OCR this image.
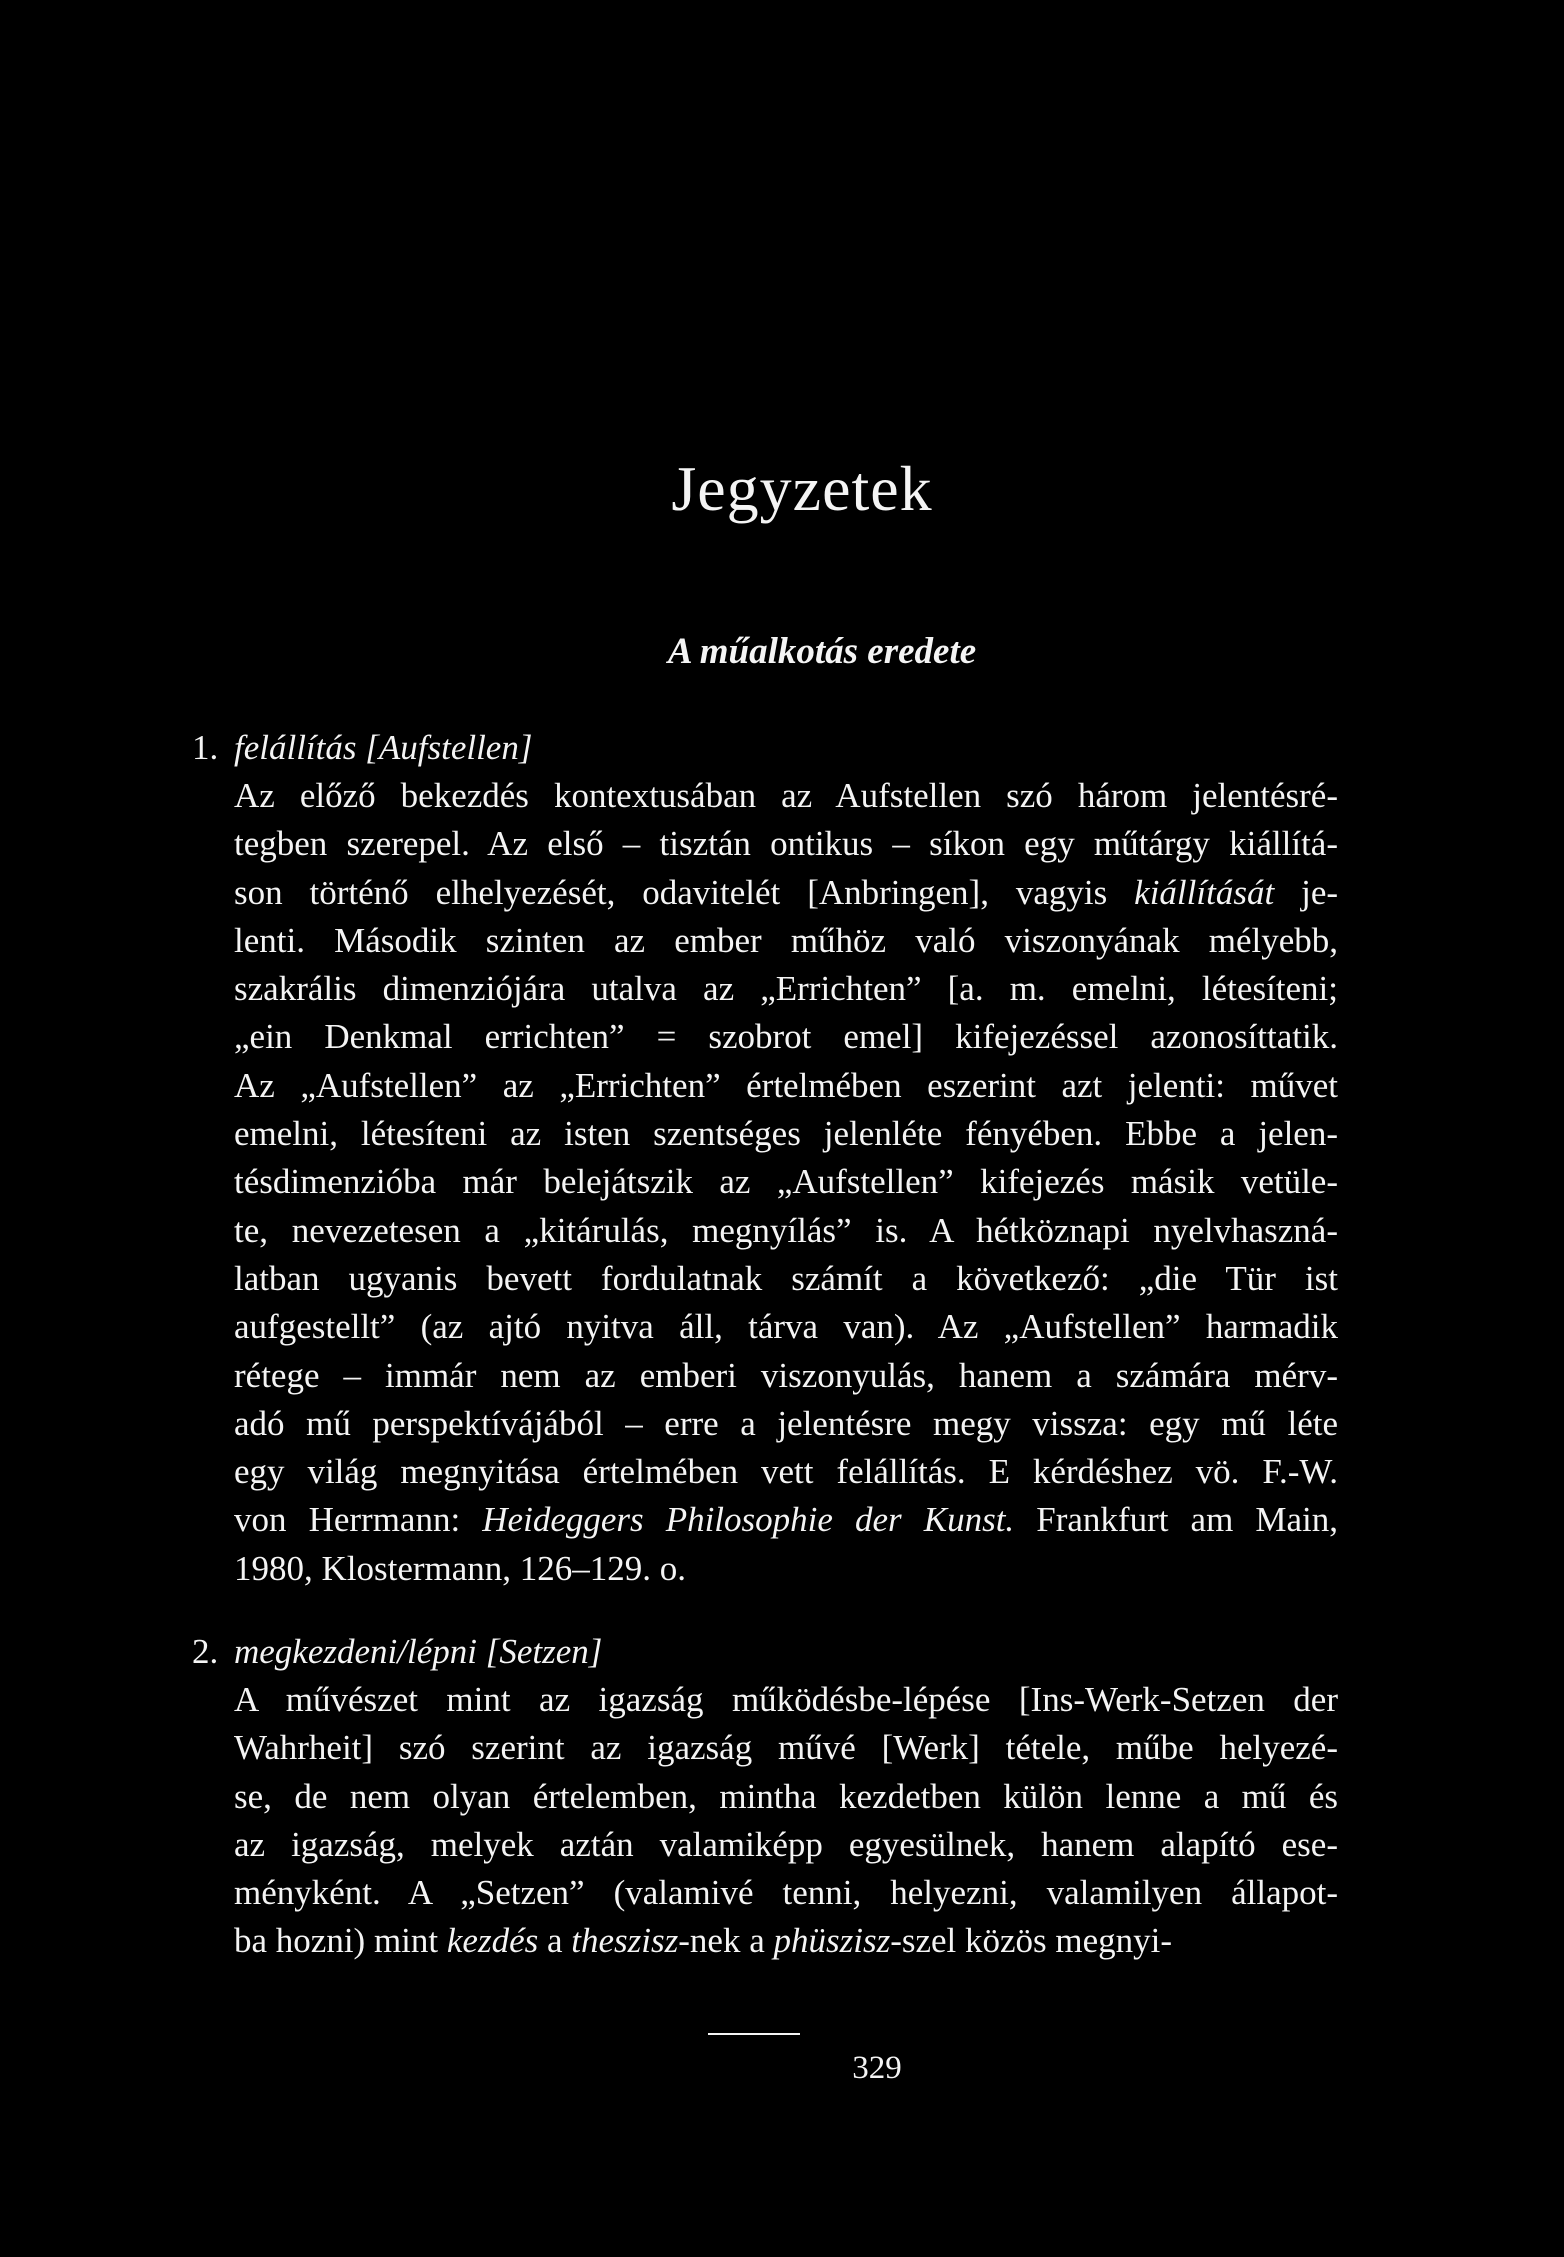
Jegyzetek
A műalkotás eredete
1. felállítás [Aufstellen]
Az előző bekezdés kontextusában az Aufstellen szó három jelentésré-
tegben szerepel. Az első – tisztán ontikus – síkon egy műtárgy kiállítá-
son történő elhelyezését, odavitelét [Anbringen], vagyis kiállítását je-
lenti. Második szinten az ember műhöz való viszonyának mélyebb,
szakrális dimenziójára utalva az „Errichten” [a. m. emelni, létesíteni;
„ein Denkmal errichten” = szobrot emel] kifejezéssel azonosíttatik.
Az „Aufstellen” az „Errichten” értelmében eszerint azt jelenti: művet
emelni, létesíteni az isten szentséges jelenléte fényében. Ebbe a jelen-
tésdimenzióba már belejátszik az „Aufstellen” kifejezés másik vetüle-
te, nevezetesen a „kitárulás, megnyílás” is. A hétköznapi nyelvhaszná-
latban ugyanis bevett fordulatnak számít a következő: „die Tür ist
aufgestellt” (az ajtó nyitva áll, tárva van). Az „Aufstellen” harmadik
rétege – immár nem az emberi viszonyulás, hanem a számára mérv-
adó mű perspektívájából – erre a jelentésre megy vissza: egy mű léte
egy világ megnyitása értelmében vett felállítás. E kérdéshez vö. F.-W.
von Herrmann: Heideggers Philosophie der Kunst. Frankfurt am Main,
1980, Klostermann, 126–129. o.
2. megkezdeni/lépni [Setzen]
A művészet mint az igazság működésbe-lépése [Ins-Werk-Setzen der
Wahrheit] szó szerint az igazság művé [Werk] tétele, műbe helyezé-
se, de nem olyan értelemben, mintha kezdetben külön lenne a mű és
az igazság, melyek aztán valamiképp egyesülnek, hanem alapító ese-
ményként. A „Setzen” (valamivé tenni, helyezni, valamilyen állapot-
ba hozni) mint kezdés a theszisz-nek a phüszisz-szel közös megnyi-
329
